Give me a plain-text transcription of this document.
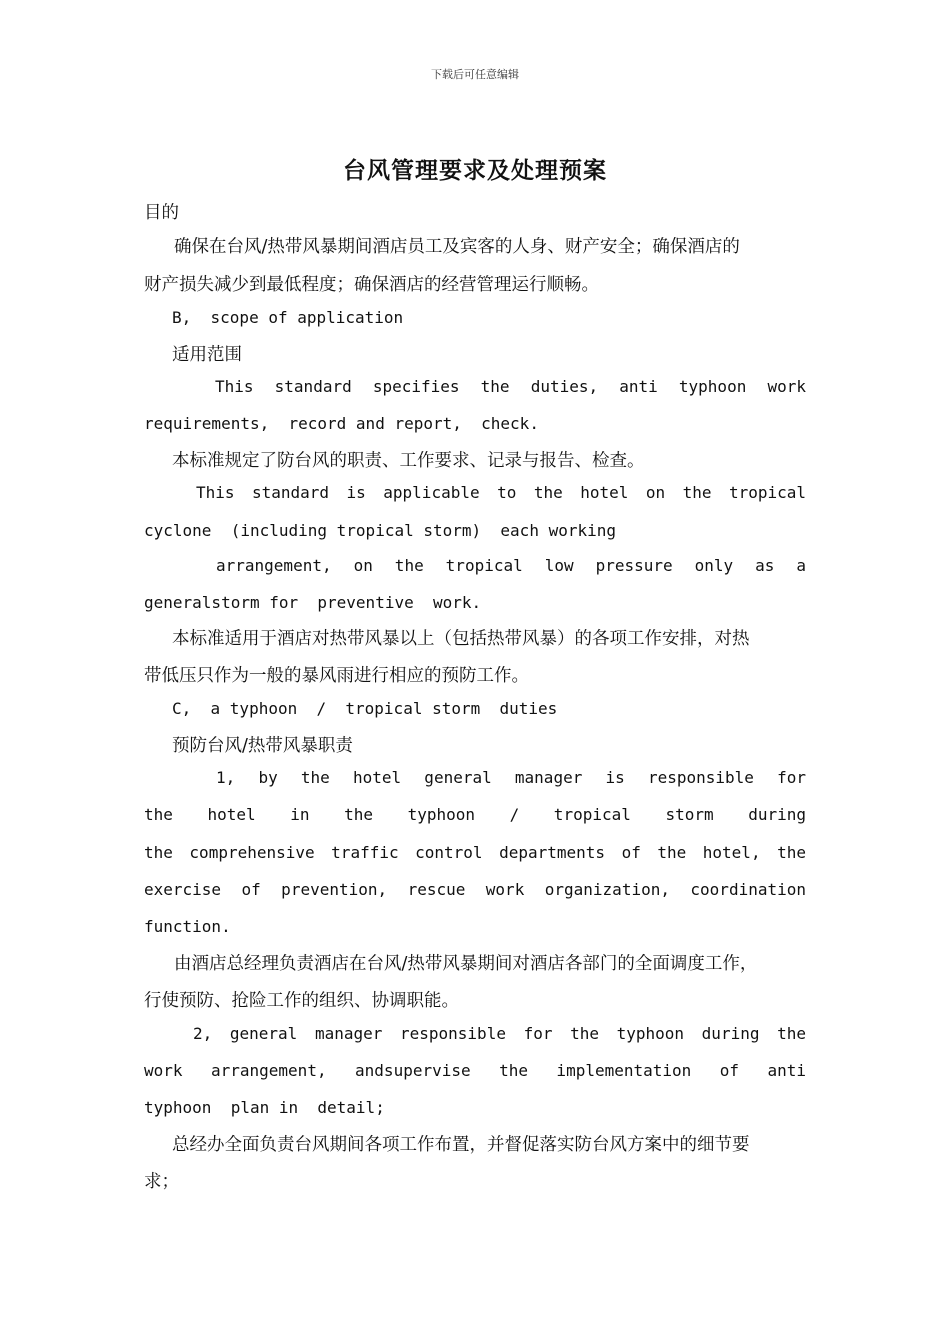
下载后可任意编辑
台风管理要求及处理预案
目的
确保在台风/热带风暴期间酒店员工及宾客的人身、财产安全；确保酒店的
财产损失减少到最低程度；确保酒店的经营管理运行顺畅。
B,  scope of application
适用范围
This standard specifies the duties, anti typhoon work
requirements,  record and report,  check.
本标准规定了防台风的职责、工作要求、记录与报告、检查。
This standard is applicable to the hotel on the tropical
cyclone  (including tropical storm)  each working
arrangement, on the tropical low pressure only as a
generalstorm for  preventive  work.
本标准适用于酒店对热带风暴以上（包括热带风暴）的各项工作安排，对热
带低压只作为一般的暴风雨进行相应的预防工作。
C,  a typhoon  /  tropical storm  duties
预防台风/热带风暴职责
1, by the hotel general manager is responsible for
the hotel in the typhoon / tropical storm during
the comprehensive traffic control departments of the hotel, the
exercise of prevention, rescue work organization, coordination
function.
由酒店总经理负责酒店在台风/热带风暴期间对酒店各部门的全面调度工作，
行使预防、抢险工作的组织、协调职能。
2, general manager responsible for the typhoon during the
work arrangement, andsupervise the implementation of anti
typhoon  plan in  detail;
总经办全面负责台风期间各项工作布置，并督促落实防台风方案中的细节要
求；
